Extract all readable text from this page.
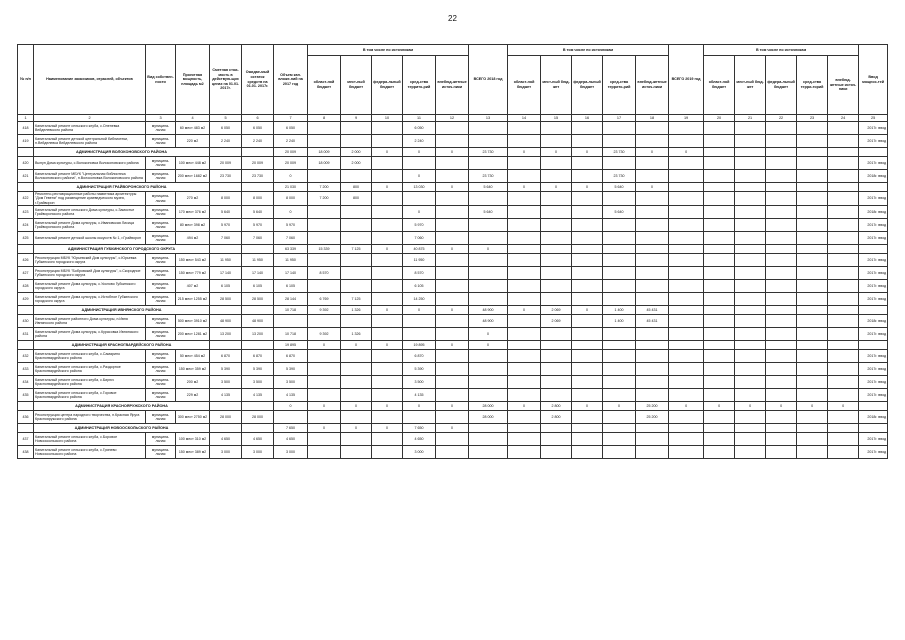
22
№ п/п	Наименование заказчиков, отраслей, объектов	Вид собствен-ности	Проектная мощность, площадь м2	Сметная стои-мость в действую-щих ценах на 01.01. 2017г.	Ожидае-мый остаток средств на 01.01. 2017г.	Объем кап. вложе-ний на 2017 год	В том числе по источникам					ВСЕГО 2018 год	В том числе по источникам					ВСЕГО 2019 год	В том числе по источникам					Ввод мощнос-тей
							област-ной бюджет	мест-ный бюджет	федера-льный бюджет	сред-ства террито-рий	внебюд-жетные источ-ники		област-ной бюджет	мест-ный бюд-жет	федера-льный бюджет	сред-ства террито-рий	внебюд-жетные источ-ники		област-ной бюджет	мест-ный бюд-жет	федера-льный бюджет	сред-ства терри-торий	внебюд-жетные источ-ники	
1	2	3	4	5	6	7	8	9	10	11	12	13	14	15	16	17	18	19	20	21	22	23	24	25
418	Капитальный ремонт сельского клуба, с.Оленевка Вейделевского района	муниципа-льная	60 мест 483 м2	6 050	6 050	6 050				6 050														2017г. ввод
419	Капитальный ремонт детской центральной библиотеки, п.Вейделевка Вейделевского района	муниципа-льная	220 м2	2 240	2 240	2 240				2 240														2017г. ввод
	АДМИНИСТРАЦИЯ ВОЛОКОНОВСКОГО РАЙОНА					20 009	18 009	2 000	0	0	0	23 730	0	0	0	23 730	0	0						
420	Вынуп Дома культуры, с.Волоконовка Волоконовского района	муниципа-льная	100 мест 448 м2	20 009	20 009	20 009	18 009	2 000																2017г. ввод
421	Капитальный ремонт МБУК "Центральная библиотека Волоконовского района", п.Волоконовка Волоконовского района	муниципа-льная	200 мест 1682 м2	23 730	23 730	0				0		23 730				23 730								2018г. ввод
	АДМИНИСТРАЦИЯ ГРАЙВОРОНСКОГО РАЙОНА					21 030	7 200	800	0	13 030	0	5 640	0	0	0	5 640	0							
422	Ремонтно-реставрационные работы памятника архитектуры "Дом Гевени" под размещение краеведческого музея, г.Грайворон	муниципа-льная	270 м2	8 000	8 000	8 000	7 200	800																2017г. ввод
423	Капитальный ремонт сельского Дома культуры, с.Замостье Грайворонского района	муниципа-льная	170 мест 376 м2	5 640	5 640	0				0		5 640				5 640								2018г. ввод
424	Капитальный ремонт Дома культуры, с.Ивановская Лисица Грайворонского района	муниципа-льная	80 мест 398 м2	5 970	5 970	5 970				5 970														2017г. ввод
425	Капитальный ремонт детской школы искусств № 1, г.Грайворон	муниципа-льная	494 м2	7 060	7 060	7 060				7 060														2017г. ввод
	АДМИНИСТРАЦИЯ ГУБКИНСКОГО ГОРОДСКОГО ОКРУГА					63 339	15 339	7 125	0	40 875	0	0												
426	Реконструкция МБУК "Юрьевский Дом культуры", с.Юрьевка Губкинского городского округа	муниципа-льная	150 мест 543 м2	11 950	11 950	11 950				11 950														2017г. ввод
427	Реконструкция МБУК "Бобровский Дом культуры", с.Скородное Губкинского городского округа	муниципа-льная	150 мест 779 м2	17 140	17 140	17 140	8 570			8 570														2017г. ввод
428	Капитальный ремонт Дома культуры, с.Уколово Губкинского городского округа	муниципа-льная	407 м2	6 105	6 105	6 105				6 105														2017г. ввод
429	Капитальный ремонт Дома культуры, с.Истобное Губкинского городского округа	муниципа-льная	215 мест 1255 м2	28 500	28 500	28 144	6 769	7 125		14 250														2017г. ввод
	АДМИНИСТРАЦИЯ ИВНЯНСКОГО РАЙОНА					10 718	9 392	1 326	0	0	0	48 900	0	2 069	0	1 400	45 431							
430	Капитальный ремонт районного Дома культуры, п.Ивня Ивнянского района	муниципа-льная	500 мест 3910 м2	48 900	48 900							48 900		2 069		1 400	45 431							2018г. ввод
431	Капитальный ремонт Дома культуры, с.Курасовка Ивнянского района	муниципа-льная	200 мест 1281 м2	13 200	13 200	10 718	9 392	1 326				0												2017г. ввод
	АДМИНИСТРАЦИЯ КРАСНОГВАРДЕЙСКОГО РАЙОНА					19 895	0	0	0	19 895	0	0												
432	Капитальный ремонт сельского клуба, с.Самарино Красногвардейского района	муниципа-льная	50 мест 454 м2	6 870	6 870	6 870				6 870														2017г. ввод
433	Капитальный ремонт сельского клуба, с.Раздорное Красногвардейского района	муниципа-льная	150 мест 359 м2	5 390	5 390	5 390				5 390														2017г. ввод
434	Капитальный ремонт сельского клуба, с.Бирюч Красногвардейского района	муниципа-льная	200 м2	3 500	3 500	3 500				3 500														2017г. ввод
435	Капитальный ремонт сельского клуба, с.Горовое Красногвардейского района	муниципа-льная	229 м2	4 135	4 135	4 135				4 135														2017г. ввод
	АДМИНИСТРАЦИЯ КРАСНОЯРУЖСКОГО РАЙОНА					0	0	0	0	0	0	28 000	0	2 800	0	0	25 200	0	0	0	0	0	0	
436	Реконструкция центра народного творчества, п.Красная Яруга Краснояружского района	муниципа-льная	300 мест 2750 м2	28 000	28 000							28 000		2 800			25 200							2018г. ввод
	АДМИНИСТРАЦИЯ НОВООСКОЛЬСКОГО РАЙОНА					7 650	0	0	0	7 650	0													
437	Капитальный ремонт сельского клуба, с.Боровое Новооскольского района	муниципа-льная	100 мест 310 м2	4 650	4 650	4 650				4 650														2017г. ввод
438	Капитальный ремонт сельского клуба, с.Гринево Новооскольского района	муниципа-льная	150 мест 389 м2	3 000	3 000	3 000				3 000														2017г. ввод
